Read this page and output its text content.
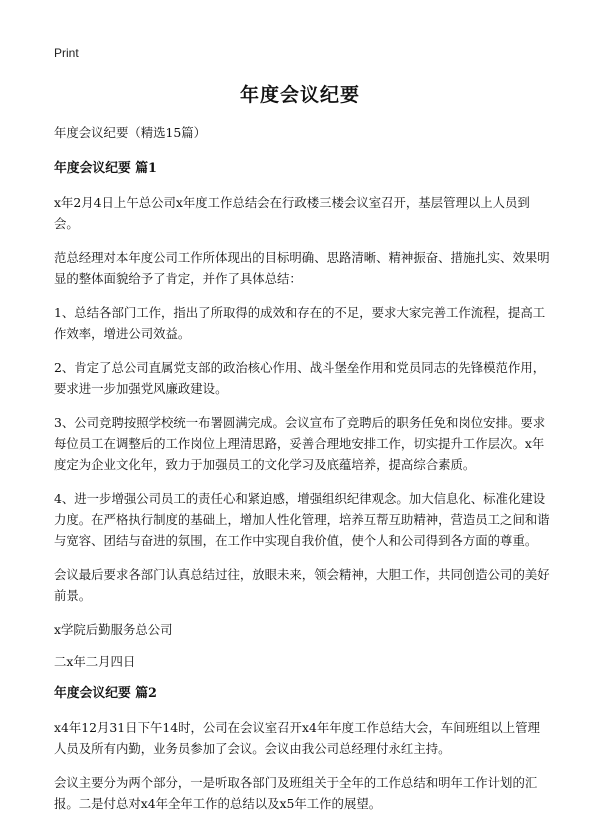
Print
年度会议纪要

年度会议纪要（精选15篇）

年度会议纪要 篇1

x年2月4日上午总公司x年度工作总结会在行政楼三楼会议室召开，基层管理以上人员到会。

范总经理对本年度公司工作所体现出的目标明确、思路清晰、精神振奋、措施扎实、效果明显的整体面貌给予了肯定，并作了具体总结：

1、总结各部门工作，指出了所取得的成效和存在的不足，要求大家完善工作流程，提高工作效率，增进公司效益。

2、肯定了总公司直属党支部的政治核心作用、战斗堡垒作用和党员同志的先锋模范作用，要求进一步加强党风廉政建设。

3、公司竞聘按照学校统一布署圆满完成。会议宣布了竞聘后的职务任免和岗位安排。要求每位员工在调整后的工作岗位上理清思路，妥善合理地安排工作，切实提升工作层次。x年度定为企业文化年，致力于加强员工的文化学习及底蕴培养，提高综合素质。

4、进一步增强公司员工的责任心和紧迫感，增强组织纪律观念。加大信息化、标准化建设力度。在严格执行制度的基础上，增加人性化管理，培养互帮互助精神，营造员工之间和谐与宽容、团结与奋进的氛围，在工作中实现自我价值，使个人和公司得到各方面的尊重。

会议最后要求各部门认真总结过往，放眼未来，领会精神，大胆工作，共同创造公司的美好前景。

x学院后勤服务总公司

二x年二月四日

年度会议纪要 篇2

x4年12月31日下午14时，公司在会议室召开x4年年度工作总结大会，车间班组以上管理人员及所有内勤，业务员参加了会议。会议由我公司总经理付永红主持。

会议主要分为两个部分，一是听取各部门及班组关于全年的工作总结和明年工作计划的汇报。二是付总对x4年全年工作的总结以及x5年工作的展望。
